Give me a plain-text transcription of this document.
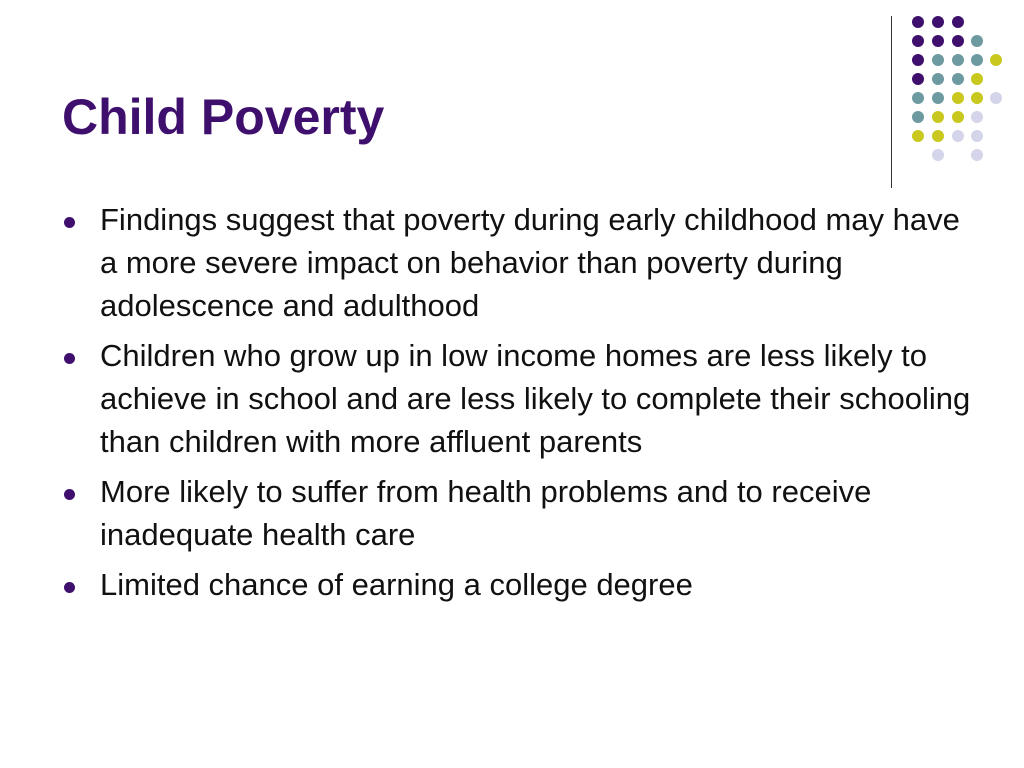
Child Poverty
Findings suggest that poverty during early childhood may have a more severe impact on behavior than poverty during adolescence and adulthood
Children who grow up in low income homes are less likely to achieve in school and are less likely to complete their schooling than children with more affluent parents
More likely to suffer from health problems and to receive inadequate health care
Limited chance of earning a college degree
